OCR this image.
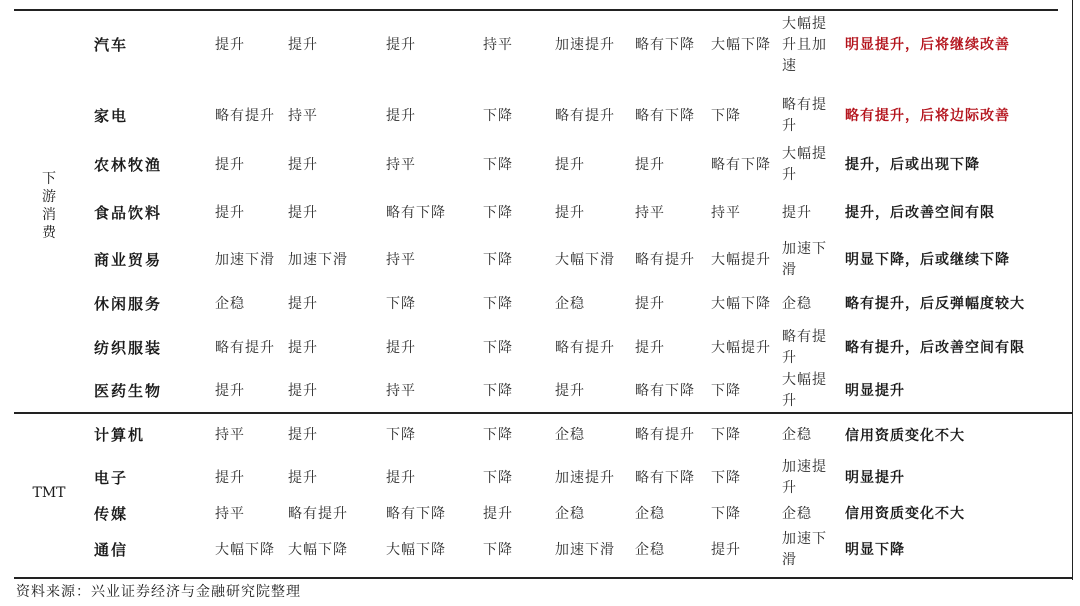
下游消费	汽车	提升	提升	提升	持平	加速提升	略有下降	大幅下降	大幅提升且加速	明显提升，后将继续改善
	家电	略有提升	持平	提升	下降	略有提升	略有下降	下降	略有提升	略有提升，后将边际改善
	农林牧渔	提升	提升	持平	下降	提升	提升	略有下降	大幅提升	提升，后或出现下降
	食品饮料	提升	提升	略有下降	下降	提升	持平	持平	提升	提升，后改善空间有限
	商业贸易	加速下滑	加速下滑	持平	下降	大幅下滑	略有提升	大幅提升	加速下滑	明显下降，后或继续下降
	休闲服务	企稳	提升	下降	下降	企稳	提升	大幅下降	企稳	略有提升，后反弹幅度较大
	纺织服装	略有提升	提升	提升	下降	略有提升	提升	大幅提升	略有提升	略有提升，后改善空间有限
	医药生物	提升	提升	持平	下降	提升	略有下降	下降	大幅提升	明显提升
TMT	计算机	持平	提升	下降	下降	企稳	略有提升	下降	企稳	信用资质变化不大
	电子	提升	提升	提升	下降	加速提升	略有下降	下降	加速提升	明显提升
	传媒	持平	略有提升	略有下降	提升	企稳	企稳	下降	企稳	信用资质变化不大
	通信	大幅下降	大幅下降	大幅下降	下降	加速下滑	企稳	提升	加速下滑	明显下降
资料来源：兴业证券经济与金融研究院整理
